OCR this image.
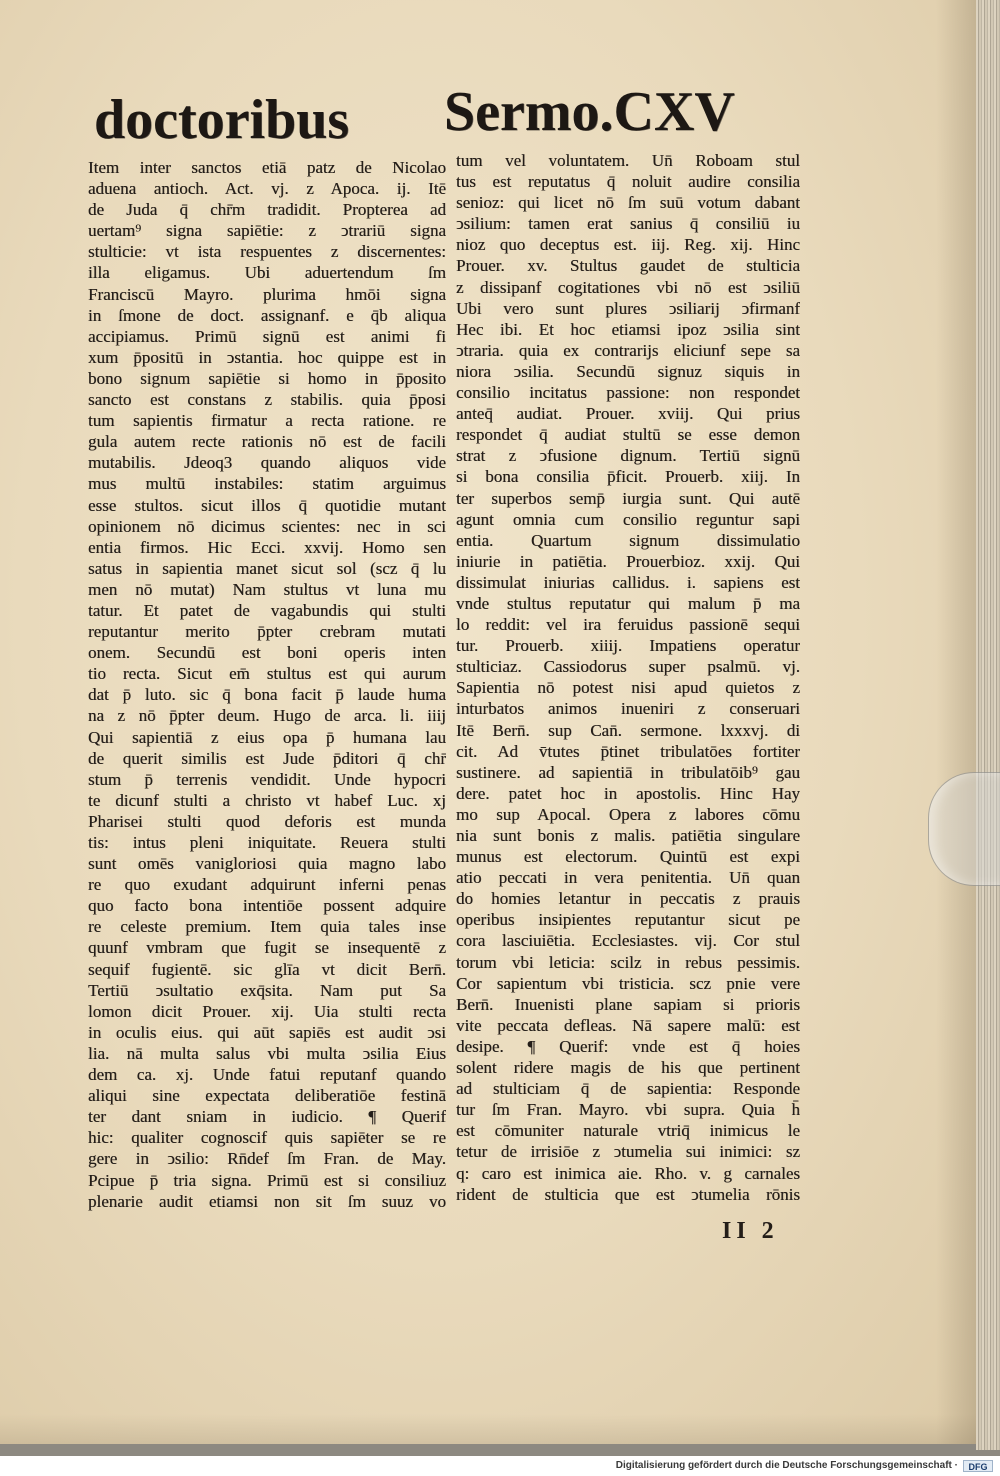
doctoribus Sermo.CXV
Item inter sanctos etiā patz de Nicolao
aduena antioch. Act. vj. z Apoca. ij. Itē
de Juda q̄ chr̄m tradidit. Propterea ad
uertam⁹ signa sapiētie: z ↄtrariū signa
stulticie: vt ista respuentes z discernentes:
illa eligamus. Ubi aduertendum ſm
Franciscū Mayro. plurima hmōi signa
in ſmone de doct. assignanf. e q̄b aliqua
accipiamus. Primū signū est animi fi
xum p̄positū in ↄstantia. hoc quippe est in
bono signum sapiētie si homo in p̄posito
sancto est constans z stabilis. quia p̄posi
tum sapientis firmatur a recta ratione. re
gula autem recte rationis nō est de facili
mutabilis. Jdeoq3 quando aliquos vide
mus multū instabiles: statim arguimus
esse stultos. sicut illos q̄ quotidie mutant
opinionem nō dicimus scientes: nec in sci
entia firmos. Hic Ecci. xxvij. Homo sen
satus in sapientia manet sicut sol (scz q̄ lu
men nō mutat) Nam stultus vt luna mu
tatur. Et patet de vagabundis qui stulti
reputantur merito p̄pter crebram mutati
onem. Secundū est boni operis inten
tio recta. Sicut em̄ stultus est qui aurum
dat p̄ luto. sic q̄ bona facit p̄ laude huma
na z nō p̄pter deum. Hugo de arca. li. iiij
Qui sapientiā z eius opa p̄ humana lau
de querit similis est Jude p̄ditori q̄ chr̄
stum p̄ terrenis vendidit. Unde hypocri
te dicunf stulti a christo vt habef Luc. xj
Pharisei stulti quod deforis est munda
tis: intus pleni iniquitate. Reuera stulti
sunt omēs vanigloriosi quia magno labo
re quo exudant adquirunt inferni penas
quo facto bona intentiōe possent adquire
re celeste premium. Item quia tales inse
quunf vmbram que fugit se insequentē z
sequif fugientē. sic glīa vt dicit Bern̄.
Tertiū ↄsultatio exq̄sita. Nam put Sa
lomon dicit Prouer. xij. Uia stulti recta
in oculis eius. qui aūt sapiēs est audit ↄsi
lia. nā multa salus vbi multa ↄsilia Eius
dem ca. xj. Unde fatui reputanf quando
aliqui sine expectata deliberatiōe festinā
ter dant sniam in iudicio. ¶ Querif
hic: qualiter cognoscif quis sapiēter se re
gere in ↄsilio: Rn̄def ſm Fran. de May.
Pcipue p̄ tria signa. Primū est si consiliuz
plenarie audit etiamsi non sit ſm suuz vo
tum vel voluntatem. Un̄ Roboam stul
tus est reputatus q̄ noluit audire consilia
senioz: qui licet nō ſm suū votum dabant
ↄsilium: tamen erat sanius q̄ consiliū iu
nioz quo deceptus est. iij. Reg. xij. Hinc
Prouer. xv. Stultus gaudet de stulticia
z dissipanf cogitationes vbi nō est ↄsiliū
Ubi vero sunt plures ↄsiliarij ↄfirmanf
Hec ibi. Et hoc etiamsi ipoz ↄsilia sint
ↄtraria. quia ex contrarijs eliciunf sepe sa
niora ↄsilia. Secundū signuz siquis in
consilio incitatus passione: non respondet
anteq̄ audiat. Prouer. xviij. Qui prius
respondet q̄ audiat stultū se esse demon
strat z ↄfusione dignum. Tertiū signū
si bona consilia p̄ficit. Prouerb. xiij. In
ter superbos semp̄ iurgia sunt. Qui autē
agunt omnia cum consilio reguntur sapi
entia. Quartum signum dissimulatio
iniurie in patiētia. Prouerbioz. xxij. Qui
dissimulat iniurias callidus. i. sapiens est
vnde stultus reputatur qui malum p̄ ma
lo reddit: vel ira feruidus passionē sequi
tur. Prouerb. xiiij. Impatiens operatur
stulticiaz. Cassiodorus super psalmū. vj.
Sapientia nō potest nisi apud quietos z
inturbatos animos inueniri z conseruari
Itē Bern̄. sup Can̄. sermone. lxxxvj. di
cit. Ad v̄tutes p̄tinet tribulatōes fortiter
sustinere. ad sapientiā in tribulatōib⁹ gau
dere. patet hoc in apostolis. Hinc Hay
mo sup Apocal. Opera z labores cōmu
nia sunt bonis z malis. patiētia singulare
munus est electorum. Quintū est expi
atio peccati in vera penitentia. Un̄ quan
do homies letantur in peccatis z prauis
operibus insipientes reputantur sicut pe
cora lasciuiētia. Ecclesiastes. vij. Cor stul
torum vbi leticia: scilz in rebus pessimis.
Cor sapientum vbi tristicia. scz pnie vere
Bern̄. Inuenisti plane sapiam si prioris
vite peccata defleas. Nā sapere malū: est
desipe. ¶ Querif: vnde est q̄ hoies
solent ridere magis de his que pertinent
ad stulticiam q̄ de sapientia: Responde
tur ſm Fran. Mayro. vbi supra. Quia h̄
est cōmuniter naturale vtriq̄ inimicus le
tetur de irrisiōe z ↄtumelia sui inimici: sz
q: caro est inimica aie. Rho. v. g carnales
rident de stulticia que est ↄtumelia rōnis
II 2
Digitalisierung gefördert durch die Deutsche Forschungsgemeinschaft ·	DFG
